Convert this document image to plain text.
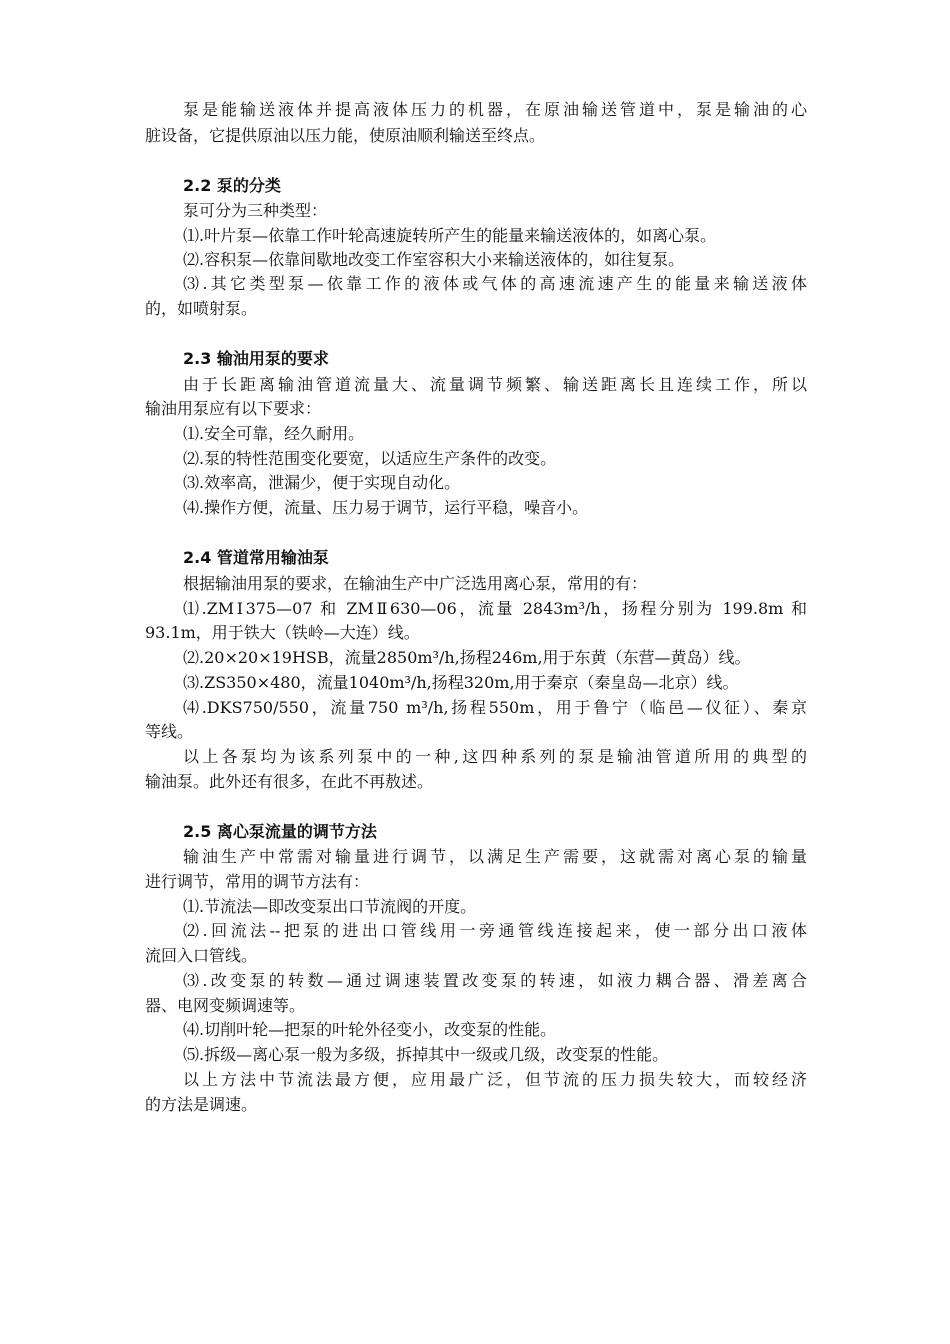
泵是能输送液体并提高液体压力的机器，在原油输送管道中，泵是输油的心
脏设备，它提供原油以压力能，使原油顺利输送至终点。
2.2 泵的分类
泵可分为三种类型：
⑴.叶片泵—依靠工作叶轮高速旋转所产生的能量来输送液体的，如离心泵。
⑵.容积泵—依靠间歇地改变工作室容积大小来输送液体的，如往复泵。
⑶.其它类型泵—依靠工作的液体或气体的高速流速产生的能量来输送液体
的，如喷射泵。
2.3 输油用泵的要求
由于长距离输油管道流量大、流量调节频繁、输送距离长且连续工作，所以
输油用泵应有以下要求：
⑴.安全可靠，经久耐用。
⑵.泵的特性范围变化要宽，以适应生产条件的改变。
⑶.效率高，泄漏少，便于实现自动化。
⑷.操作方便，流量、压力易于调节，运行平稳，噪音小。
2.4 管道常用输油泵
根据输油用泵的要求，在输油生产中广泛选用离心泵，常用的有：
⑴.ZMⅠ375—07 和 ZMⅡ630—06，流量 2843m³/h，扬程分别为 199.8m 和
93.1m，用于铁大（铁岭—大连）线。
⑵.20×20×19HSB，流量2850m³/h,扬程246m,用于东黄（东营—黄岛）线。
⑶.ZS350×480，流量1040m³/h,扬程320m,用于秦京（秦皇岛—北京）线。
⑷.DKS750/550，流量750 m³/h,扬程550m，用于鲁宁（临邑—仪征）、秦京
等线。
以上各泵均为该系列泵中的一种,这四种系列的泵是输油管道所用的典型的
输油泵。此外还有很多，在此不再敖述。
2.5 离心泵流量的调节方法
输油生产中常需对输量进行调节，以满足生产需要，这就需对离心泵的输量
进行调节，常用的调节方法有：
⑴.节流法—即改变泵出口节流阀的开度。
⑵.回流法--把泵的进出口管线用一旁通管线连接起来，使一部分出口液体
流回入口管线。
⑶.改变泵的转数—通过调速装置改变泵的转速，如液力耦合器、滑差离合
器、电网变频调速等。
⑷.切削叶轮—把泵的叶轮外径变小，改变泵的性能。
⑸.拆级—离心泵一般为多级，拆掉其中一级或几级，改变泵的性能。
以上方法中节流法最方便，应用最广泛，但节流的压力损失较大，而较经济
的方法是调速。
